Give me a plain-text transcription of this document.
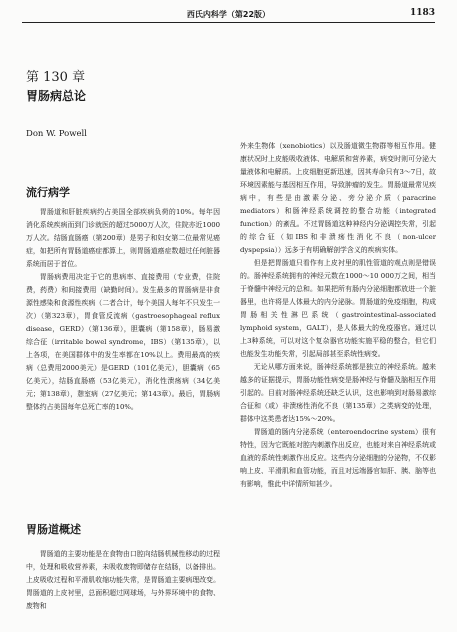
西氏内科学（第22版）	1183
第 130 章
胃肠病总论
Don W. Powell
流行病学

胃肠道和肝脏疾病约占美国全部疾病负荷的10%。每年因消化系统疾病而到门诊就医的超过5000万人次，住院亦近1000万人次。结肠直肠癌（第200章）是男子和妇女第二位最常见癌症，如把所有胃肠道癌症都算上，则胃肠道癌症数超过任何脏器系统而居于首位。

胃肠病费用决定于它的患病率、直接费用（专业费，住院费，药费）和间接费用（缺勤时间）。发生最多的胃肠病是非食源性感染和食源性疾病（二者合计，每个美国人每年不只发生一次）（第323章），胃食管反流病（gastroesophageal reflux disease，GERD）（第136章），胆囊病（第158章），肠易激综合征（irritable bowel syndrome，IBS）（第135章），以上各项，在美国群体中的发生率都在10%以上。费用最高的疾病（总费用2000美元）是GERD（101亿美元），胆囊病（65亿美元），结肠直肠癌（53亿美元），消化性溃疡病（34亿美元；第138章），憩室病（27亿美元；第143章）。最后，胃肠病整体约占美国每年总死亡率的10%。

胃肠道概述

胃肠道的主要功能是在食物由口腔向结肠机械性移动的过程中，处理和吸收营养素，未吸收废物即储存在结肠，以备排出。上皮吸收过程和平滑肌收缩功能失常，是胃肠道主要病理改变。胃肠道的上皮衬里，总面积超过网球场，与外界环境中的食物、废物和

外来生物体（xenobiotics）以及肠道微生物群等相互作用。健康状况时上皮能吸收液体、电解质和营养素，病变时则可分泌大量液体和电解质。上皮细胞更新迅速，因其寿命只有3～7日，故环境因素能与基因相互作用，导致肿瘤的发生。胃肠道最常见疾病中，有些是由激素分泌、旁分泌介质（paracrine mediators）和肠神经系统调控的整合功能（integrated function）的紊乱。不过胃肠道这种神经内分泌调控失常，引起的综合征（如IBS和非溃疡性消化不良（non-ulcer dyspepsia））远多于有明确解剖学含义的疾病实体。

但是把胃肠道只看作有上皮衬里的肌性管道的观点则是错误的。肠神经系统拥有的神经元数在1000～10 000万之间，相当于脊髓中神经元的总和。如果把所有肠内分泌细胞都放进一个脏器里，也许将是人体最大的内分泌脉。胃肠道的免疫细胞，构成胃肠相关性淋巴系统（gastrointestinal-associated lymphoid system，GALT），是人体最大的免疫器官。通过以上3种系统，可以对这个复杂器官功能实施平稳的整合，但它们也能发生功能失常，引起局部甚至系统性病变。

无论从哪方面来说，肠神经系统都是独立的神经系统。越来越多的证据提示，胃肠功能性病变是肠神经与脊髓及脑相互作用引起的。目前对肠神经系统还缺乏认识，这也影响到对肠易激综合征和（或）非溃疡性消化不良（第135章）之类病变的处理，群体中这类患者达15%～20%。

胃肠道的肠内分泌系统（enteroendocrine system）很有特性，因为它既能对腔内刺激作出反应，也能对来自神经系统或血液的系统性刺激作出反应。这些内分泌细胞的分泌物，不仅影响上皮、平滑肌和血管功能，而且对远端器官如肝、胰、脑等也有影响，惟此中详情所知甚少。
